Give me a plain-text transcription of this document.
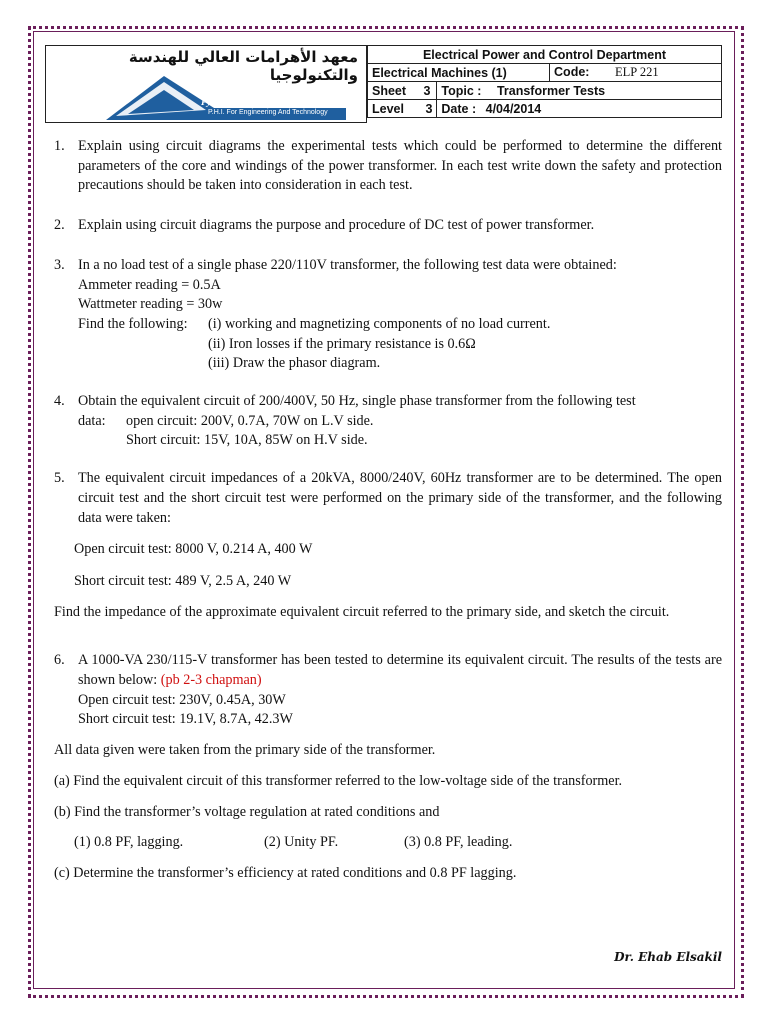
معهد الأهرامات العالي للهندسة والتكنولوجيا
Pyramids higher Institute
P.H.I. For Engineering And Technology
Electrical Power and Control Department		
Electrical Machines (1)		Code: ELP 221
Sheet 3	Topic : Transformer Tests	
Level 3	Date : 4/04/2014	
1. Explain using circuit diagrams the experimental tests which could be performed to determine the different parameters of the core and windings of the power transformer. In each test write down the safety and protection precautions should be taken into consideration in each test.
2. Explain using circuit diagrams the purpose and procedure of DC test of power transformer.
3. In a no load test of a single phase 220/110V transformer, the following test data were obtained:
Ammeter reading = 0.5A
Wattmeter reading = 30w
Find the following: (i) working and magnetizing components of no load current.
(ii) Iron losses if the primary resistance is 0.6Ω
(iii) Draw the phasor diagram.
4. Obtain the equivalent circuit of 200/400V, 50 Hz, single phase transformer from the following test
data: open circuit: 200V, 0.7A, 70W on L.V side.
Short circuit: 15V, 10A, 85W on H.V side.
5. The equivalent circuit impedances of a 20kVA, 8000/240V, 60Hz transformer are to be determined. The open circuit test and the short circuit test were performed on the primary side of the transformer, and the following data were taken:

Open circuit test: 8000 V, 0.214 A, 400 W

Short circuit test: 489 V, 2.5 A, 240 W

Find the impedance of the approximate equivalent circuit referred to the primary side, and sketch the circuit.

6. A 1000-VA 230/115-V transformer has been tested to determine its equivalent circuit. The results of the tests are shown below: (pb 2-3 chapman)
Open circuit test: 230V, 0.45A, 30W
Short circuit test: 19.1V, 8.7A, 42.3W

All data given were taken from the primary side of the transformer.

(a) Find the equivalent circuit of this transformer referred to the low-voltage side of the transformer.

(b) Find the transformer’s voltage regulation at rated conditions and

(1) 0.8 PF, lagging.	(2) Unity PF.	(3) 0.8 PF, leading.

(c) Determine the transformer’s efficiency at rated conditions and 0.8 PF lagging.

Dr. Ehab Elsakil
